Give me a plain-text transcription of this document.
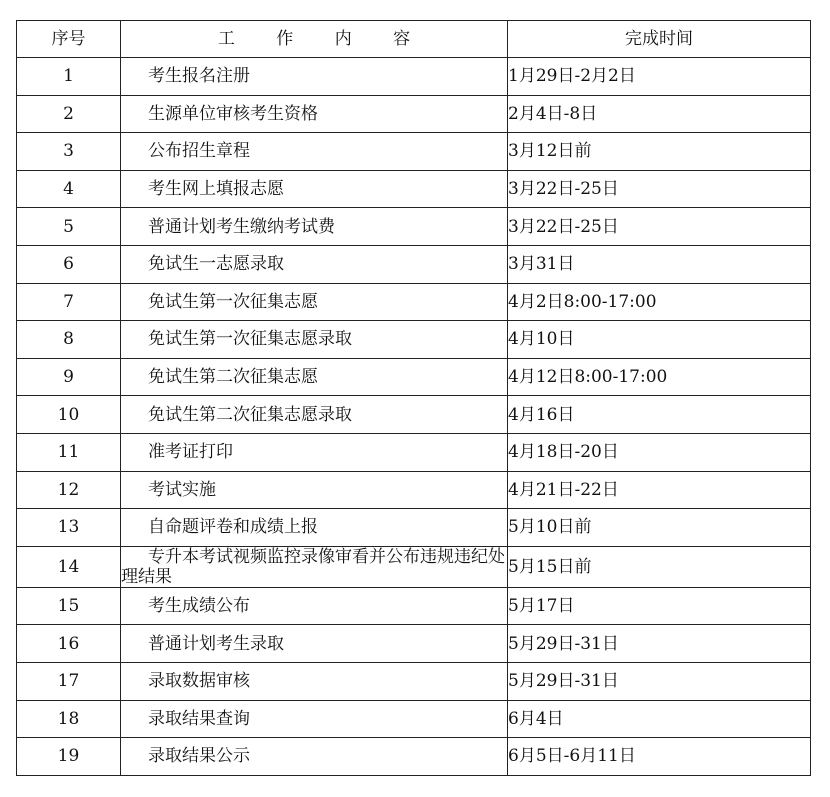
序号	工 作 内 容	完成时间
1	考生报名注册	1月29日-2月2日
2	生源单位审核考生资格	2月4日-8日
3	公布招生章程	3月12日前
4	考生网上填报志愿	3月22日-25日
5	普通计划考生缴纳考试费	3月22日-25日
6	免试生一志愿录取	3月31日
7	免试生第一次征集志愿	4月2日8:00-17:00
8	免试生第一次征集志愿录取	4月10日
9	免试生第二次征集志愿	4月12日8:00-17:00
10	免试生第二次征集志愿录取	4月16日
11	准考证打印	4月18日-20日
12	考试实施	4月21日-22日
13	自命题评卷和成绩上报	5月10日前
14	专升本考试视频监控录像审看并公布违规违纪处理结果	5月15日前
15	考生成绩公布	5月17日
16	普通计划考生录取	5月29日-31日
17	录取数据审核	5月29日-31日
18	录取结果查询	6月4日
19	录取结果公示	6月5日-6月11日
